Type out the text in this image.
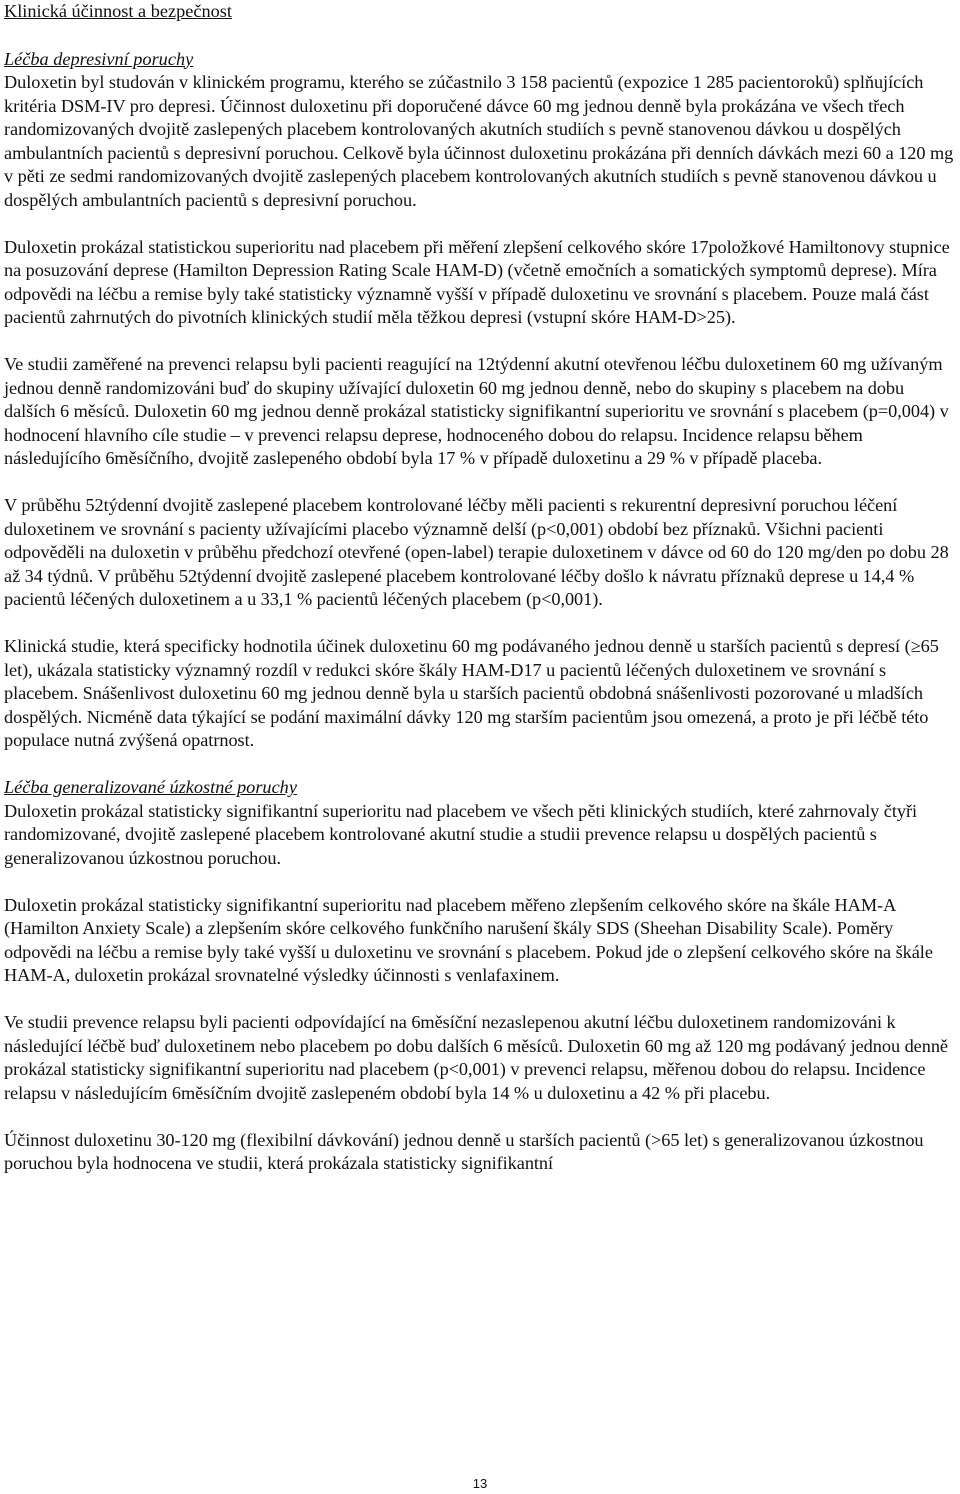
Klinická účinnost a bezpečnost
Léčba depresivní poruchy

Duloxetin byl studován v klinickém programu, kterého se zúčastnilo 3 158 pacientů (expozice 1 285 pacientoroků) splňujících kritéria DSM-IV pro depresi. Účinnost duloxetinu při doporučené dávce 60 mg jednou denně byla prokázána ve všech třech randomizovaných dvojitě zaslepených placebem kontrolovaných akutních studiích s pevně stanovenou dávkou u dospělých ambulantních pacientů s depresivní poruchou. Celkově byla účinnost duloxetinu prokázána při denních dávkách mezi 60 a 120 mg v pěti ze sedmi randomizovaných dvojitě zaslepených placebem kontrolovaných akutních studiích s pevně stanovenou dávkou u dospělých ambulantních pacientů s depresivní poruchou.

Duloxetin prokázal statistickou superioritu nad placebem při měření zlepšení celkového skóre 17položkové Hamiltonovy stupnice na posuzování deprese (Hamilton Depression Rating Scale HAM-D) (včetně emočních a somatických symptomů deprese). Míra odpovědi na léčbu a remise byly také statisticky významně vyšší v případě duloxetinu ve srovnání s placebem. Pouze malá část pacientů zahrnutých do pivotních klinických studií měla těžkou depresi (vstupní skóre HAM-D>25).

Ve studii zaměřené na prevenci relapsu byli pacienti reagující na 12týdenní akutní otevřenou léčbu duloxetinem 60 mg užívaným jednou denně randomizováni buď do skupiny užívající duloxetin 60 mg jednou denně, nebo do skupiny s placebem na dobu dalších 6 měsíců. Duloxetin 60 mg jednou denně prokázal statisticky signifikantní superioritu ve srovnání s placebem (p=0,004) v hodnocení hlavního cíle studie – v prevenci relapsu deprese, hodnoceného dobou do relapsu. Incidence relapsu během následujícího 6měsíčního, dvojitě zaslepeného období byla 17 % v případě duloxetinu a 29 % v případě placeba.

V průběhu 52týdenní dvojitě zaslepené placebem kontrolované léčby měli pacienti s rekurentní depresivní poruchou léčení duloxetinem ve srovnání s pacienty užívajícími placebo významně delší (p<0,001) období bez příznaků. Všichni pacienti odpověděli na duloxetin v průběhu předchozí otevřené (open-label) terapie duloxetinem v dávce od 60 do 120 mg/den po dobu 28 až 34 týdnů. V průběhu 52týdenní dvojitě zaslepené placebem kontrolované léčby došlo k návratu příznaků deprese u 14,4 % pacientů léčených duloxetinem a u 33,1 % pacientů léčených placebem (p<0,001).

Klinická studie, která specificky hodnotila účinek duloxetinu 60 mg podávaného jednou denně u starších pacientů s depresí (≥65 let), ukázala statisticky významný rozdíl v redukci skóre škály HAM-D17 u pacientů léčených duloxetinem ve srovnání s placebem. Snášenlivost duloxetinu 60 mg jednou denně byla u starších pacientů obdobná snášenlivosti pozorované u mladších dospělých. Nicméně data týkající se podání maximální dávky 120 mg starším pacientům jsou omezená, a proto je při léčbě této populace nutná zvýšená opatrnost.

Léčba generalizované úzkostné poruchy

Duloxetin prokázal statisticky signifikantní superioritu nad placebem ve všech pěti klinických studiích, které zahrnovaly čtyři randomizované, dvojitě zaslepené placebem kontrolované akutní studie a studii prevence relapsu u dospělých pacientů s generalizovanou úzkostnou poruchou.

Duloxetin prokázal statisticky signifikantní superioritu nad placebem měřeno zlepšením celkového skóre na škále HAM-A (Hamilton Anxiety Scale) a zlepšením skóre celkového funkčního narušení škály SDS (Sheehan Disability Scale). Poměry odpovědi na léčbu a remise byly také vyšší u duloxetinu ve srovnání s placebem. Pokud jde o zlepšení celkového skóre na škále HAM-A, duloxetin prokázal srovnatelné výsledky účinnosti s venlafaxinem.

Ve studii prevence relapsu byli pacienti odpovídající na 6měsíční nezaslepenou akutní léčbu duloxetinem randomizováni k následující léčbě buď duloxetinem nebo placebem po dobu dalších 6 měsíců. Duloxetin 60 mg až 120 mg podávaný jednou denně prokázal statisticky signifikantní superioritu nad placebem (p<0,001) v prevenci relapsu, měřenou dobou do relapsu. Incidence relapsu v následujícím 6měsíčním dvojitě zaslepeném období byla 14 % u duloxetinu a 42 % při placebu.

Účinnost duloxetinu 30-120 mg (flexibilní dávkování) jednou denně u starších pacientů (>65 let) s generalizovanou úzkostnou poruchou byla hodnocena ve studii, která prokázala statisticky signifikantní

13
